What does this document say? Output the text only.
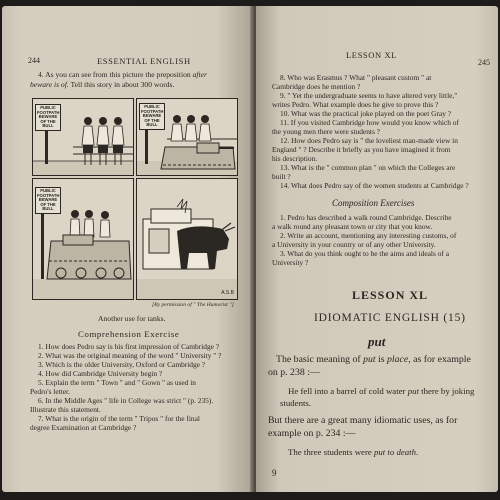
244	ESSENTIAL ENGLISH
4. As you can see from this picture the preposition after
beware is of. Tell this story in about 300 words.
PUBLIC FOOTPATH BEWARE OF THE BULL
PUBLIC FOOTPATH BEWARE OF THE BULL
PUBLIC FOOTPATH BEWARE OF THE BULL
A.S.B
[By permission of " The Humorist "]
Another use for tanks.
Comprehension Exercise
1. How does Pedro say is his first impression of Cambridge ?
2. What was the original meaning of the word " University " ?
3. Which is the older University, Oxford or Cambridge ?
4. How did Cambridge University begin ?
5. Explain the term " Town " and " Gown " as used in
Pedro's letter.
6. In the Middle Ages " life in College was strict " (p. 235).
Illustrate this statement.
7. What is the origin of the term " Tripos " for the final
degree Examination at Cambridge ?
LESSON XL
245
8. Who was Erasmus ? What " pleasant custom " at
Cambridge does he mention ?
9. " Yet the undergraduate seems to have altered very little,"
writes Pedro. What example does he give to prove this ?
10. What was the practical joke played on the poet Gray ?
11. If you visited Cambridge how would you know which of
the young men there were students ?
12. How does Pedro say is " the loveliest man-made view in
England " ? Describe it briefly as you have imagined it from
his description.
13. What is the " common plan " on which the Colleges are
built ?
14. What does Pedro say of the women students at Cambridge ?
Composition Exercises
1. Pedro has described a walk round Cambridge. Describe
a walk round any pleasant town or city that you know.
2. Write an account, mentioning any interesting customs, of
a University in your country or of any other University.
3. What do you think ought to be the aims and ideals of a
University ?
LESSON XL
IDIOMATIC ENGLISH (15)
put
The basic meaning of put is place, as for example
on p. 238 :—
He fell into a barrel of cold water put there by joking
students.
But there are a great many idiomatic uses, as for
example on p. 234 :—
The three students were put to death.
9
